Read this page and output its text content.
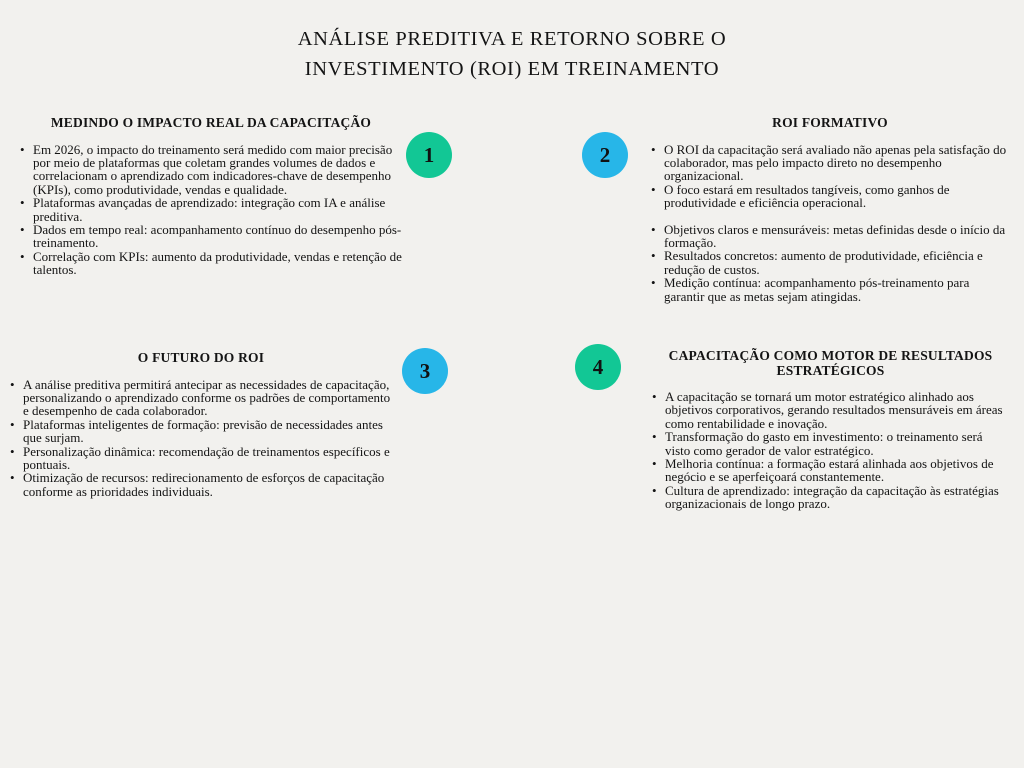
ANÁLISE PREDITIVA E RETORNO SOBRE O
INVESTIMENTO (ROI) EM TREINAMENTO
MEDINDO O IMPACTO REAL DA CAPACITAÇÃO
• Em 2026, o impacto do treinamento será medido com maior precisão por meio de plataformas que coletam grandes volumes de dados e correlacionam o aprendizado com indicadores-chave de desempenho (KPIs), como produtividade, vendas e qualidade.
• Plataformas avançadas de aprendizado: integração com IA e análise preditiva.
• Dados em tempo real: acompanhamento contínuo do desempenho pós-treinamento.
• Correlação com KPIs: aumento da produtividade, vendas e retenção de talentos.
ROI FORMATIVO
• O ROI da capacitação será avaliado não apenas pela satisfação do colaborador, mas pelo impacto direto no desempenho organizacional.
• O foco estará em resultados tangíveis, como ganhos de produtividade e eficiência operacional.
• Objetivos claros e mensuráveis: metas definidas desde o início da formação.
• Resultados concretos: aumento de produtividade, eficiência e redução de custos.
• Medição contínua: acompanhamento pós-treinamento para garantir que as metas sejam atingidas.
O FUTURO DO ROI
• A análise preditiva permitirá antecipar as necessidades de capacitação, personalizando o aprendizado conforme os padrões de comportamento e desempenho de cada colaborador.
• Plataformas inteligentes de formação: previsão de necessidades antes que surjam.
• Personalização dinâmica: recomendação de treinamentos específicos e pontuais.
• Otimização de recursos: redirecionamento de esforços de capacitação conforme as prioridades individuais.
CAPACITAÇÃO COMO MOTOR DE RESULTADOS ESTRATÉGICOS
• A capacitação se tornará um motor estratégico alinhado aos objetivos corporativos, gerando resultados mensuráveis em áreas como rentabilidade e inovação.
• Transformação do gasto em investimento: o treinamento será visto como gerador de valor estratégico.
• Melhoria contínua: a formação estará alinhada aos objetivos de negócio e se aperfeiçoará constantemente.
• Cultura de aprendizado: integração da capacitação às estratégias organizacionais de longo prazo.
1	2
3	4
